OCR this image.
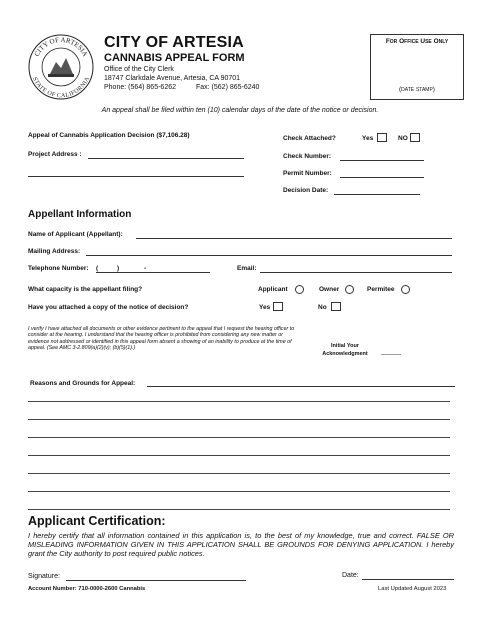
CITY OF ARTESIA
STATE OF CALIFORNIA
CITY OF ARTESIA
CANNABIS APPEAL FORM
Office of the City Clerk
18747 Clarkdale Avenue, Artesia, CA 90701
Phone: (564) 865-6262	Fax: (562) 865-6240
For Office Use Only
(date stamp)
An appeal shall be filed within ten (10) calendar days of the date of the notice or decision.
Appeal of Cannabis Application Decision ($7,106.28)
Project Address :
Check Attached?	Yes	NO
Check Number:
Permit Number:
Decision Date:
Appellant Information
Name of Applicant (Appellant):
Mailing Address:
Telephone Number: (	)	-	Email:
What capacity is the appellant filing?	Applicant	Owner	Permitee
Have you attached a copy of the notice of decision?	Yes	No
I verify I have attached all documents or other evidence pertinent to the appeal that I request the hearing officer to consider at the hearing. I understand that the hearing officer is prohibited from considering any new matter or evidence not addressed or identified in this appeal form absent a showing of an inability to produce at the time of appeal. (See AMC 3-2.809(a)(2)(v); (b)(5)(1).)	Initial Your Acknowledgment	______
Reasons and Grounds for Appeal:
Applicant Certification:
I hereby certify that all information contained in this application is, to the best of my knowledge, true and correct. FALSE OR MISLEADING INFORMATION GIVEN IN THIS APPLICATION SHALL BE GROUNDS FOR DENYING APPLICATION. I hereby grant the City authority to post required public notices.
Signature:	Date:
Account Number: 710-0000-2600 Cannabis	Last Updated August 2023
